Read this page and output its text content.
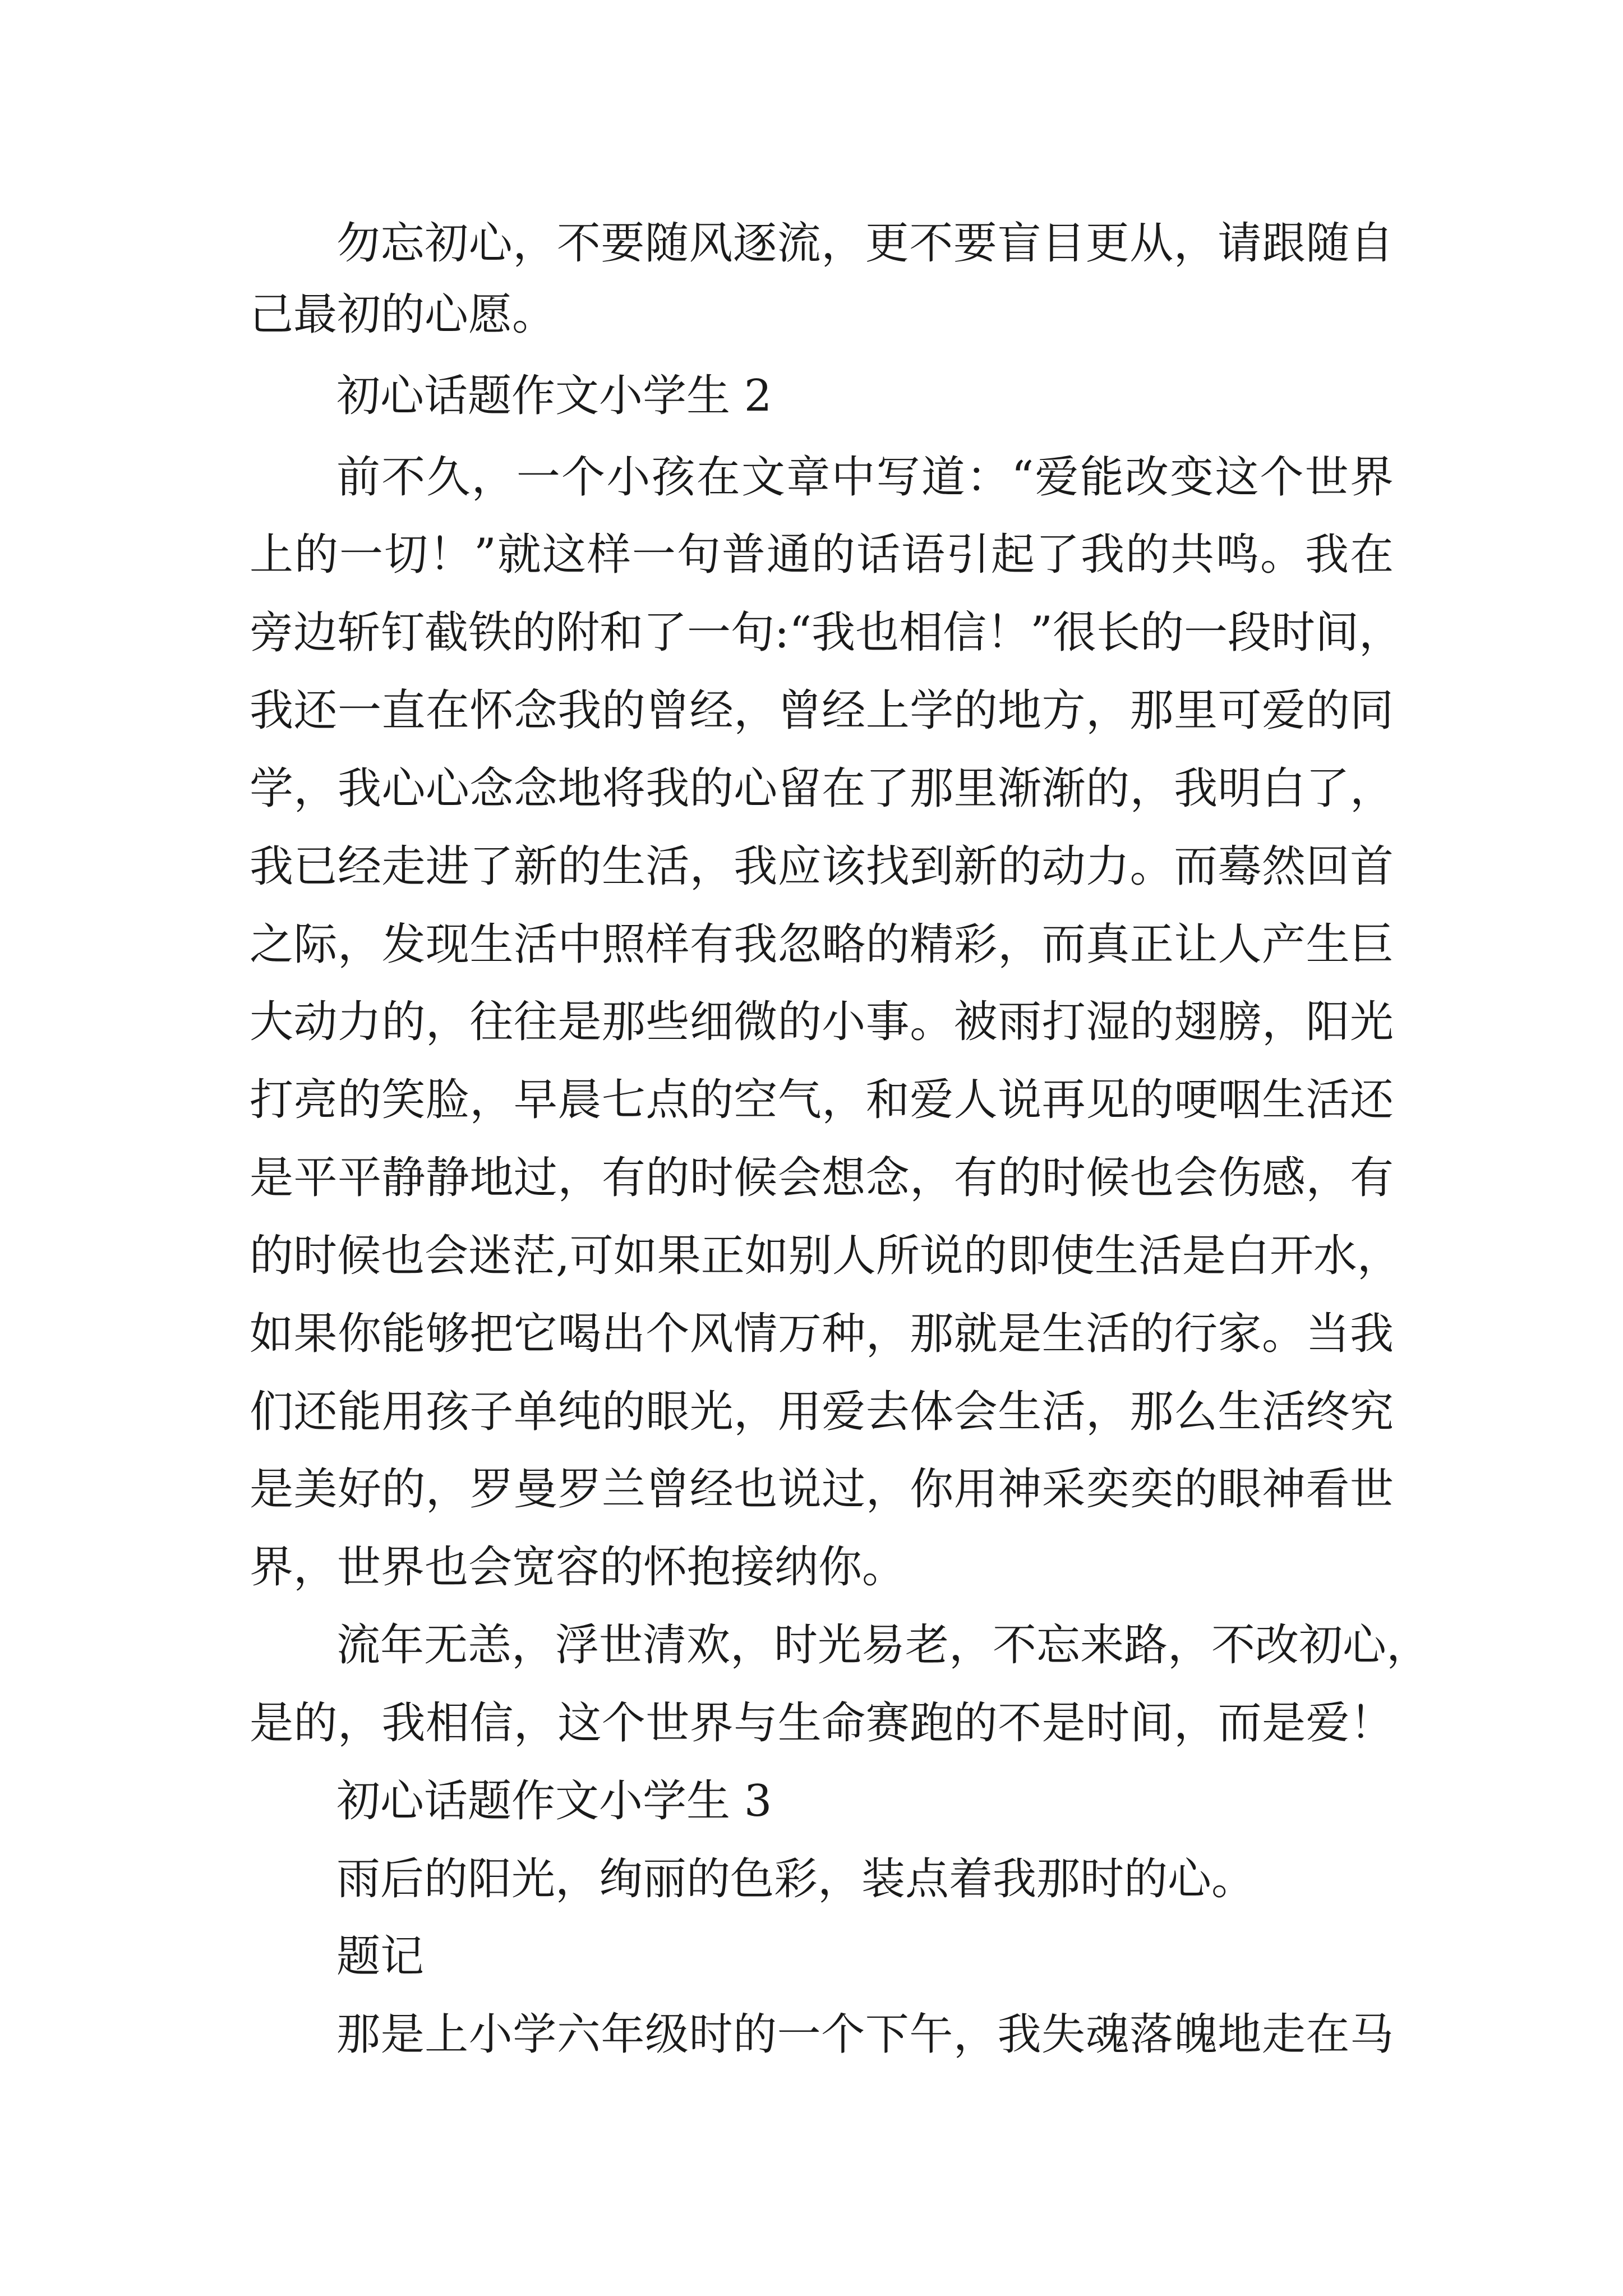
勿忘初心，不要随风逐流，更不要盲目更从，请跟随自

己最初的心愿。

初心话题作文小学生 2

前不久，一个小孩在文章中写道：“爱能改变这个世界

上的一切！”就这样一句普通的话语引起了我的共鸣。我在

旁边斩钉截铁的附和了一句:“我也相信！”很长的一段时间，

我还一直在怀念我的曾经，曾经上学的地方，那里可爱的同

学，我心心念念地将我的心留在了那里渐渐的，我明白了，

我已经走进了新的生活，我应该找到新的动力。而蓦然回首

之际，发现生活中照样有我忽略的精彩，而真正让人产生巨

大动力的，往往是那些细微的小事。被雨打湿的翅膀，阳光

打亮的笑脸，早晨七点的空气，和爱人说再见的哽咽生活还

是平平静静地过，有的时候会想念，有的时候也会伤感，有

的时候也会迷茫,可如果正如别人所说的即使生活是白开水，

如果你能够把它喝出个风情万种，那就是生活的行家。当我

们还能用孩子单纯的眼光，用爱去体会生活，那么生活终究

是美好的，罗曼罗兰曾经也说过，你用神采奕奕的眼神看世

界，世界也会宽容的怀抱接纳你。

流年无恙，浮世清欢，时光易老，不忘来路，不改初心，

是的，我相信，这个世界与生命赛跑的不是时间，而是爱！

初心话题作文小学生 3

雨后的阳光，绚丽的色彩，装点着我那时的心。

题记

那是上小学六年级时的一个下午，我失魂落魄地走在马
